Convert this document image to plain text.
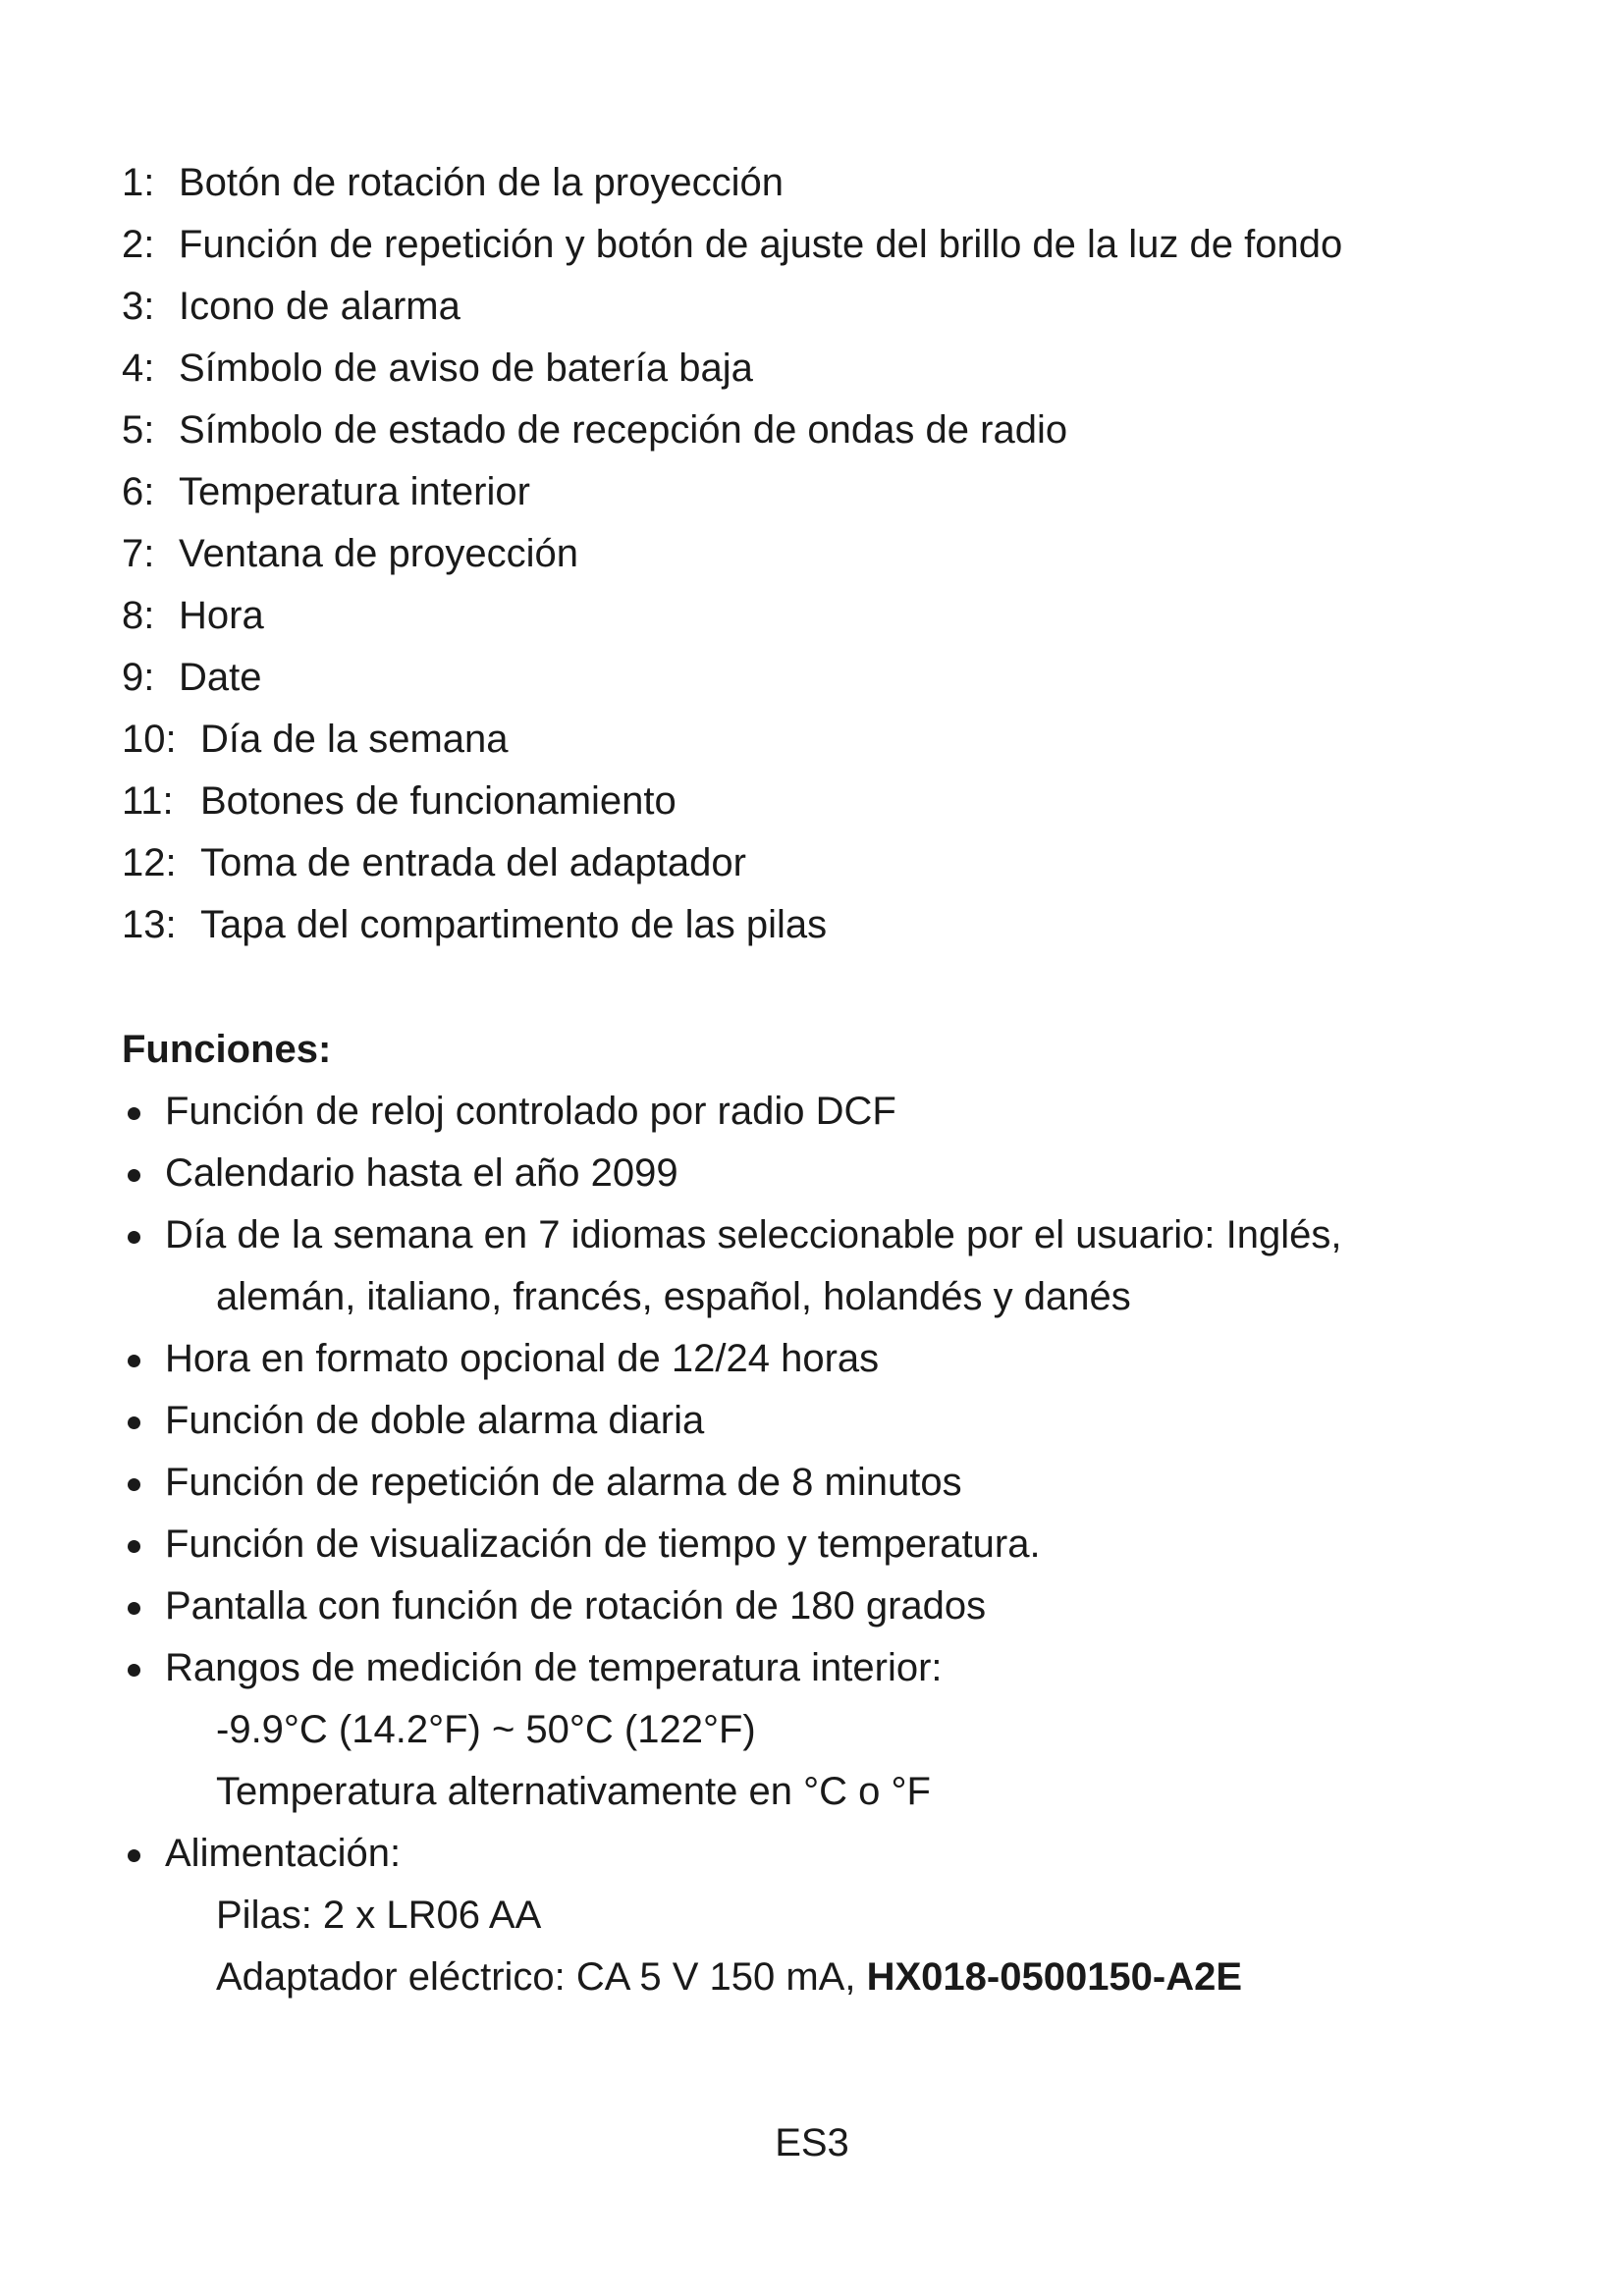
1: Botón de rotación de la proyección
2: Función de repetición y botón de ajuste del brillo de la luz de fondo
3: Icono de alarma
4: Símbolo de aviso de batería baja
5: Símbolo de estado de recepción de ondas de radio
6: Temperatura interior
7: Ventana de proyección
8: Hora
9: Date
10: Día de la semana
11: Botones de funcionamiento
12: Toma de entrada del adaptador
13: Tapa del compartimento de las pilas
Funciones:
Función de reloj controlado por radio DCF
Calendario hasta el año 2099
Día de la semana en 7 idiomas seleccionable por el usuario: Inglés,
alemán, italiano, francés, español, holandés y danés
Hora en formato opcional de 12/24 horas
Función de doble alarma diaria
Función de repetición de alarma de 8 minutos
Función de visualización de tiempo y temperatura.
Pantalla con función de rotación de 180 grados
Rangos de medición de temperatura interior:
-9.9°C (14.2°F) ~ 50°C (122°F)
Temperatura alternativamente en °C o °F
Alimentación:
Pilas: 2 x LR06 AA
Adaptador eléctrico: CA 5 V 150 mA, HX018-0500150-A2E
ES3
